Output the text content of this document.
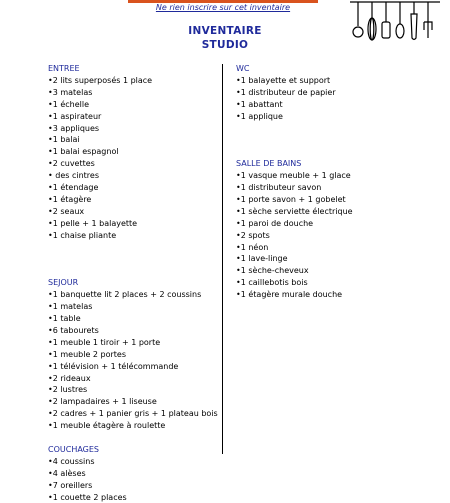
Ne rien inscrire sur cet inventaire
INVENTAIRE
STUDIO
ENTREE
•2 lits superposés 1 place
•3 matelas
•1 échelle
•1 aspirateur
•3 appliques
•1 balai
•1 balai espagnol
•2 cuvettes
• des cintres
•1 étendage
•1 étagère
•2 seaux
•1 pelle + 1 balayette
•1 chaise pliante
SEJOUR
•1 banquette lit 2 places + 2 coussins
•1 matelas
•1 table
•6 tabourets
•1 meuble 1 tiroir + 1 porte
•1 meuble 2 portes
•1 télévision + 1 télécommande
•2 rideaux
•2 lustres
•2 lampadaires + 1 liseuse
•2 cadres + 1 panier gris + 1 plateau bois
•1 meuble étagère à roulette
COUCHAGES
•4 coussins
•4 alèses
•7 oreillers
•1 couette 2 places
WC
•1 balayette et support
•1 distributeur de papier
•1 abattant
•1 applique
SALLE DE BAINS
•1 vasque meuble + 1 glace
•1 distributeur savon
•1 porte savon + 1 gobelet
•1 sèche serviette électrique
•1 paroi de douche
•2 spots
•1 néon
•1 lave-linge
•1 sèche-cheveux
•1 caillebotis bois
•1 étagère murale douche
